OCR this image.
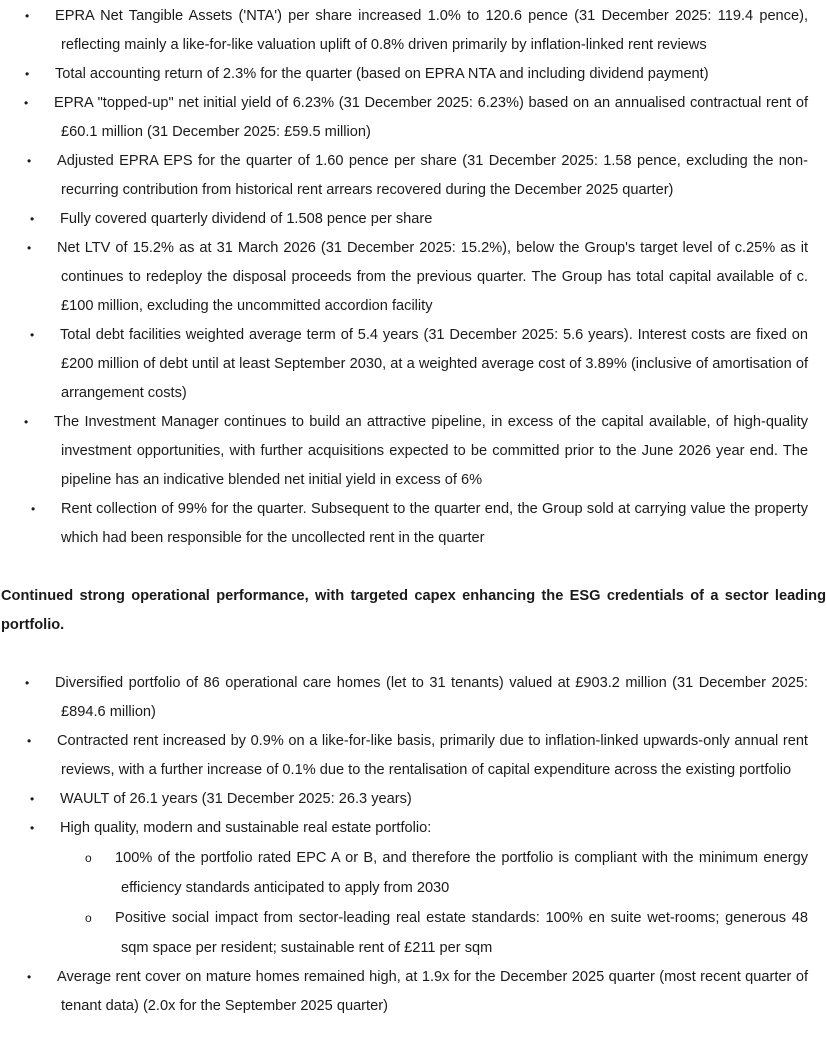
• EPRA Net Tangible Assets ('NTA') per share increased 1.0% to 120.6 pence (31 December 2025: 119.4 pence), reflecting mainly a like-for-like valuation uplift of 0.8% driven primarily by inflation-linked rent reviews
• Total accounting return of 2.3% for the quarter (based on EPRA NTA and including dividend payment)
• EPRA "topped-up" net initial yield of 6.23% (31 December 2025: 6.23%) based on an annualised contractual rent of £60.1 million (31 December 2025: £59.5 million)
• Adjusted EPRA EPS for the quarter of 1.60 pence per share (31 December 2025: 1.58 pence, excluding the non-recurring contribution from historical rent arrears recovered during the December 2025 quarter)
• Fully covered quarterly dividend of 1.508 pence per share
• Net LTV of 15.2% as at 31 March 2026 (31 December 2025: 15.2%), below the Group's target level of c.25% as it continues to redeploy the disposal proceeds from the previous quarter. The Group has total capital available of c.£100 million, excluding the uncommitted accordion facility
• Total debt facilities weighted average term of 5.4 years (31 December 2025: 5.6 years). Interest costs are fixed on £200 million of debt until at least September 2030, at a weighted average cost of 3.89% (inclusive of amortisation of arrangement costs)
• The Investment Manager continues to build an attractive pipeline, in excess of the capital available, of high-quality investment opportunities, with further acquisitions expected to be committed prior to the June 2026 year end. The pipeline has an indicative blended net initial yield in excess of 6%
• Rent collection of 99% for the quarter. Subsequent to the quarter end, the Group sold at carrying value the property which had been responsible for the uncollected rent in the quarter
Continued strong operational performance, with targeted capex enhancing the ESG credentials of a sector leading portfolio.
• Diversified portfolio of 86 operational care homes (let to 31 tenants) valued at £903.2 million (31 December 2025: £894.6 million)
• Contracted rent increased by 0.9% on a like-for-like basis, primarily due to inflation-linked upwards-only annual rent reviews, with a further increase of 0.1% due to the rentalisation of capital expenditure across the existing portfolio
• WAULT of 26.1 years (31 December 2025: 26.3 years)
• High quality, modern and sustainable real estate portfolio:
o 100% of the portfolio rated EPC A or B, and therefore the portfolio is compliant with the minimum energy efficiency standards anticipated to apply from 2030
o Positive social impact from sector-leading real estate standards: 100% en suite wet-rooms; generous 48 sqm space per resident; sustainable rent of £211 per sqm
• Average rent cover on mature homes remained high, at 1.9x for the December 2025 quarter (most recent quarter of tenant data) (2.0x for the September 2025 quarter)
